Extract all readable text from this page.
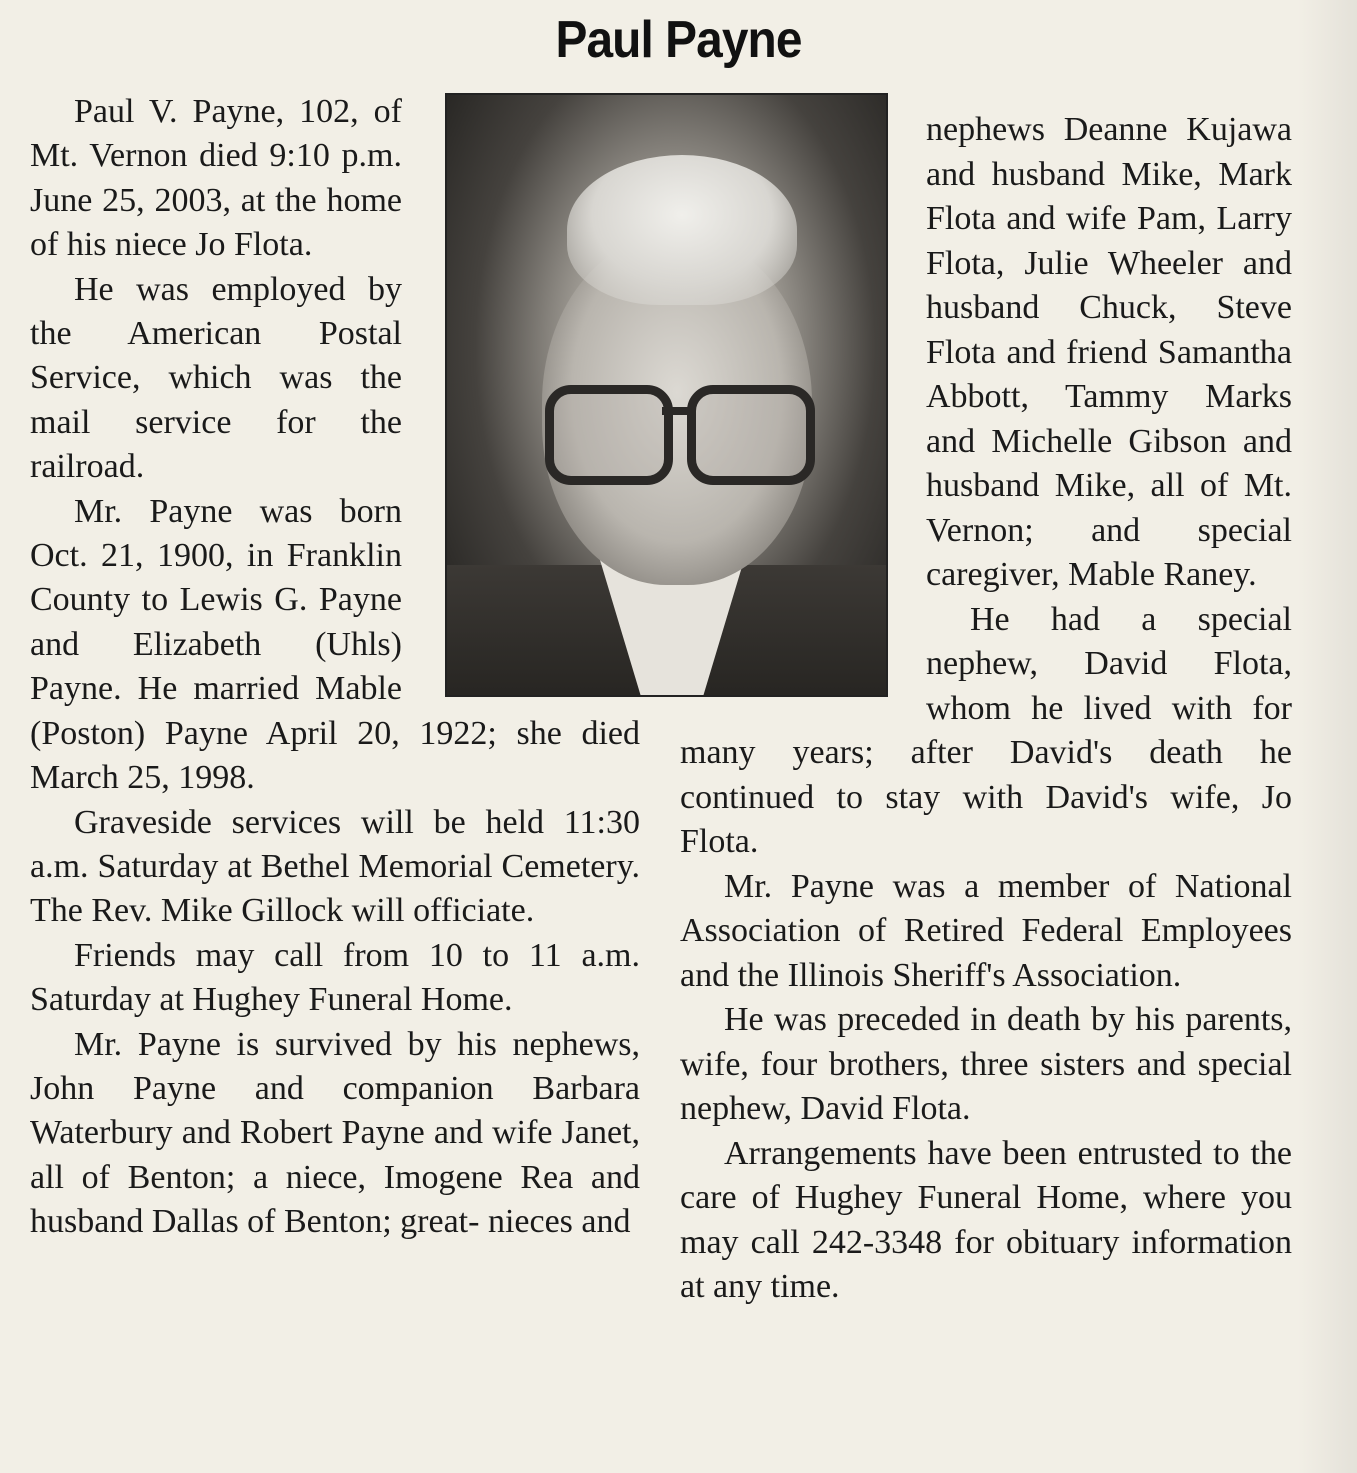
Paul Payne

Paul V. Payne, 102, of Mt. Vernon died 9:10 p.m. June 25, 2003, at the home of his niece Jo Flota.

He was employed by the American Postal Service, which was the mail service for the railroad.

Mr. Payne was born Oct. 21, 1900, in Franklin County to Lewis G. Payne and Elizabeth (Uhls) Payne. He married Mable (Poston) Payne April 20, 1922; she died March 25, 1998.

Graveside services will be held 11:30 a.m. Saturday at Bethel Memorial Cemetery. The Rev. Mike Gillock will officiate.

Friends may call from 10 to 11 a.m. Saturday at Hughey Funeral Home.

Mr. Payne is survived by his nephews, John Payne and companion Barbara Waterbury and Robert Payne and wife Janet, all of Benton; a niece, Imogene Rea and husband Dallas of Benton; great- nieces and

nephews Deanne Kujawa and husband Mike, Mark Flota and wife Pam, Larry Flota, Julie Wheeler and husband Chuck, Steve Flota and friend Samantha Abbott, Tammy Marks and Michelle Gibson and husband Mike, all of Mt. Vernon; and special caregiver, Mable Raney.

He had a special nephew, David Flota, whom he lived with for many years; after David's death he continued to stay with David's wife, Jo Flota.

Mr. Payne was a member of National Association of Retired Federal Employees and the Illinois Sheriff's Association.

He was preceded in death by his parents, wife, four brothers, three sisters and special nephew, David Flota.

Arrangements have been entrusted to the care of Hughey Funeral Home, where you may call 242-3348 for obituary information at any time.
